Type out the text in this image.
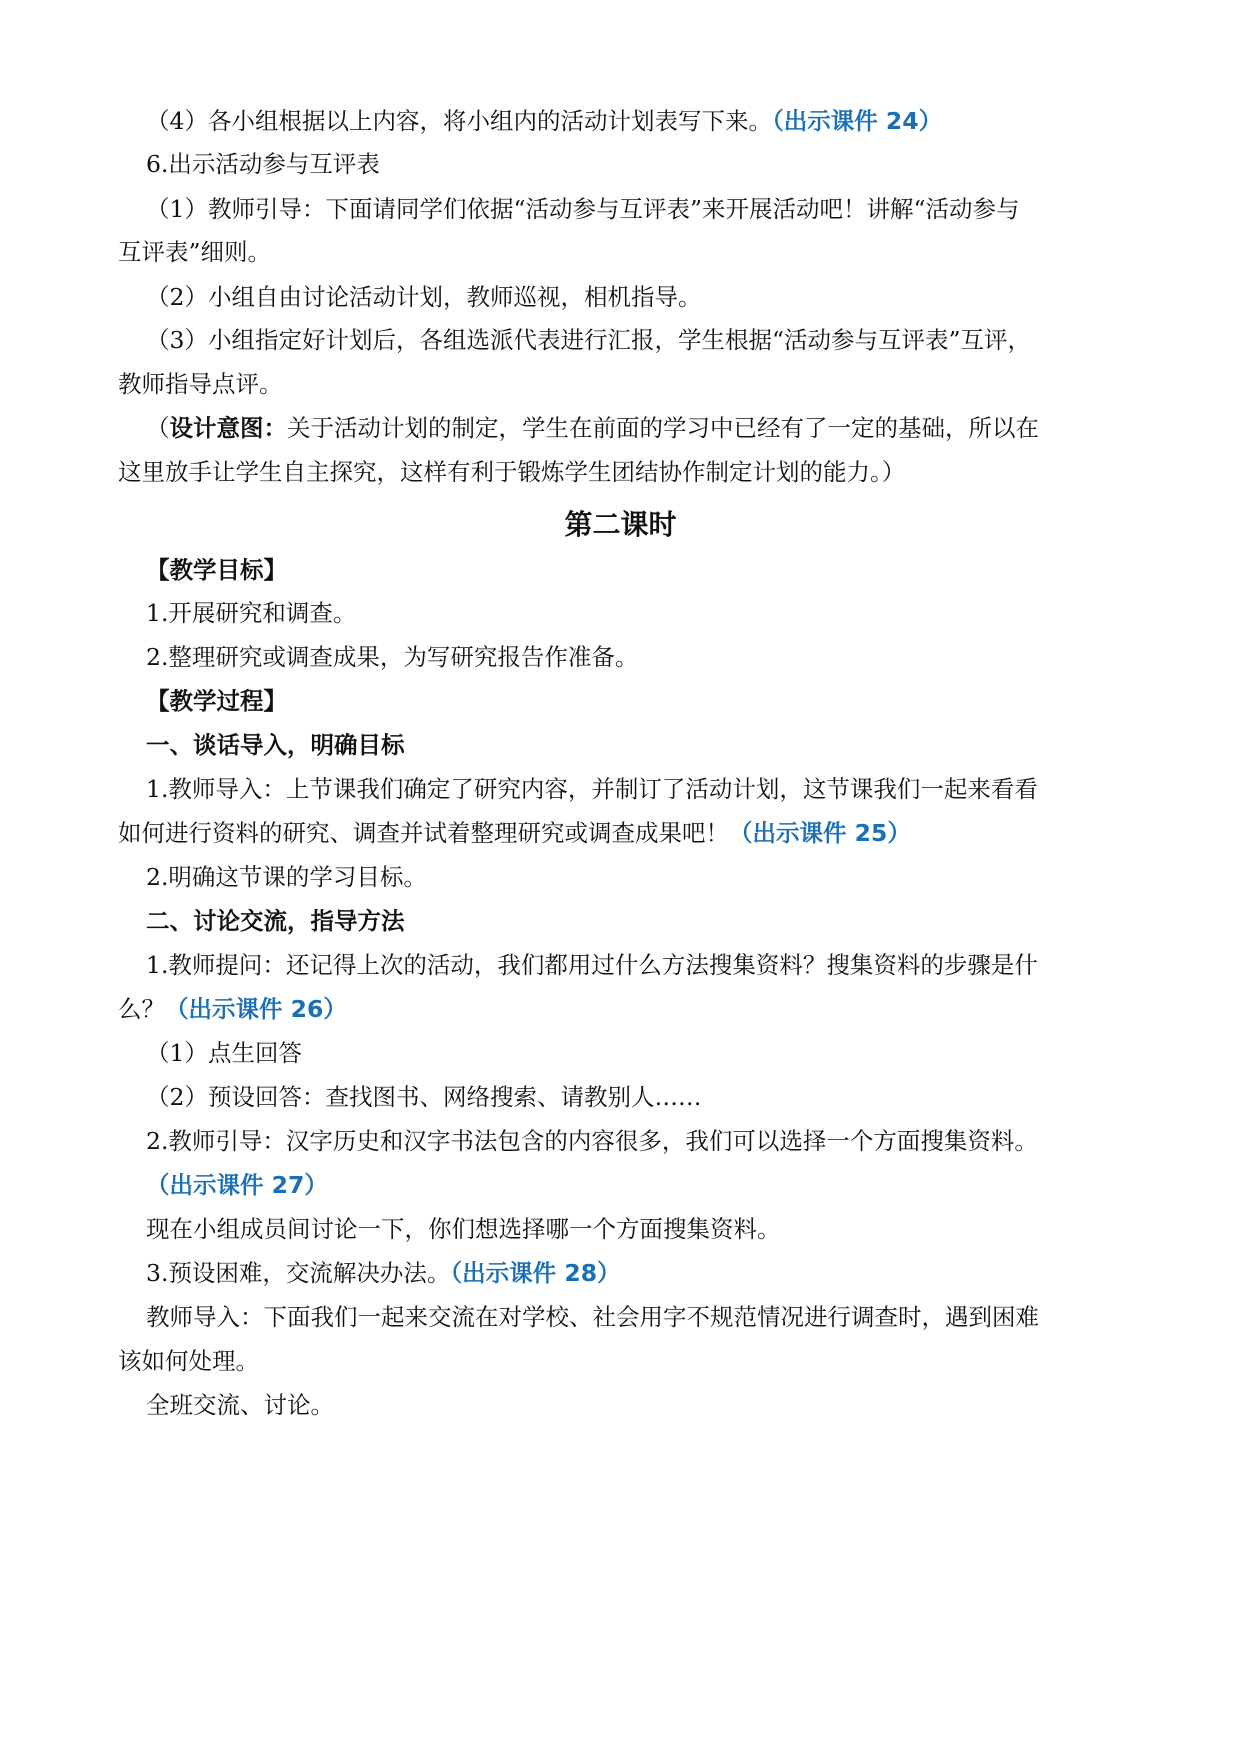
（4）各小组根据以上内容，将小组内的活动计划表写下来。（出示课件 24）
6.出示活动参与互评表
（1）教师引导：下面请同学们依据“活动参与互评表”来开展活动吧！讲解“活动参与
互评表”细则。
（2）小组自由讨论活动计划，教师巡视，相机指导。
（3）小组指定好计划后，各组选派代表进行汇报，学生根据“活动参与互评表”互评，
教师指导点评。
（设计意图：关于活动计划的制定，学生在前面的学习中已经有了一定的基础，所以在
这里放手让学生自主探究，这样有利于锻炼学生团结协作制定计划的能力。）
第二课时
【教学目标】
1.开展研究和调查。
2.整理研究或调查成果，为写研究报告作准备。
【教学过程】
一、谈话导入，明确目标
1.教师导入：上节课我们确定了研究内容，并制订了活动计划，这节课我们一起来看看
如何进行资料的研究、调查并试着整理研究或调查成果吧！（出示课件 25）
2.明确这节课的学习目标。
二、讨论交流，指导方法
1.教师提问：还记得上次的活动，我们都用过什么方法搜集资料？搜集资料的步骤是什
么？（出示课件 26）
（1）点生回答
（2）预设回答：查找图书、网络搜索、请教别人……
2.教师引导：汉字历史和汉字书法包含的内容很多，我们可以选择一个方面搜集资料。
（出示课件 27）
现在小组成员间讨论一下，你们想选择哪一个方面搜集资料。
3.预设困难，交流解决办法。（出示课件 28）
教师导入：下面我们一起来交流在对学校、社会用字不规范情况进行调查时，遇到困难
该如何处理。
全班交流、讨论。
